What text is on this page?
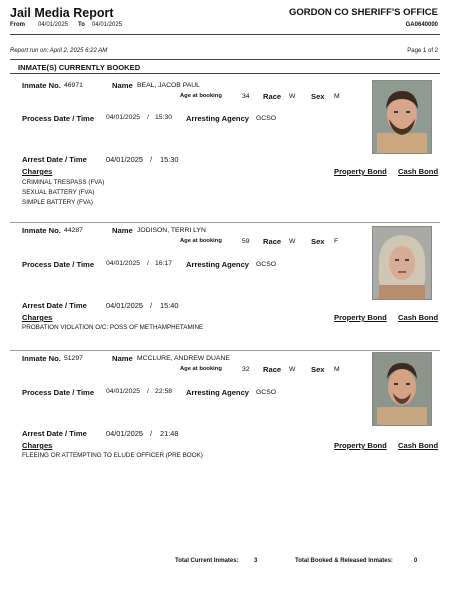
Jail Media Report	GORDON CO SHERIFF'S OFFICE
From 04/01/2025 To 04/01/2025	GA0640000
Report run on: April 2, 2025 6:22 AM	Page 1 of 2
INMATE(S) CURRENTLY BOOKED
Inmate No. 46971	Name BEAL, JACOB PAUL
Age at booking	34 Race W Sex M
Process Date / Time 04/01/2025 / 15:30 Arresting Agency GCSO
Arrest Date / Time	04/01/2025 / 15:30
Charges	Property Bond Cash Bond
CRIMINAL TRESPASS (FVA)
SEXUAL BATTERY (FVA)
SIMPLE BATTERY (FVA)
Inmate No. 44287	Name JODISON, TERRI LYN
Age at booking	59 Race W Sex F
Process Date / Time 04/01/2025 / 16:17 Arresting Agency GCSO
Arrest Date / Time	04/01/2025 / 15:40
Charges	Property Bond Cash Bond
PROBATION VIOLATION O/C: POSS OF METHAMPHETAMINE
Inmate No. 51297	Name MCCLURE, ANDREW DUANE
Age at booking	32 Race W Sex M
Process Date / Time 04/01/2025 / 22:58 Arresting Agency GCSO
Arrest Date / Time	04/01/2025 / 21:48
Charges	Property Bond Cash Bond
FLEEING OR ATTEMPTING TO ELUDE OFFICER (PRE BOOK)
Total Current Inmates:	3	Total Booked & Released Inmates:	0
